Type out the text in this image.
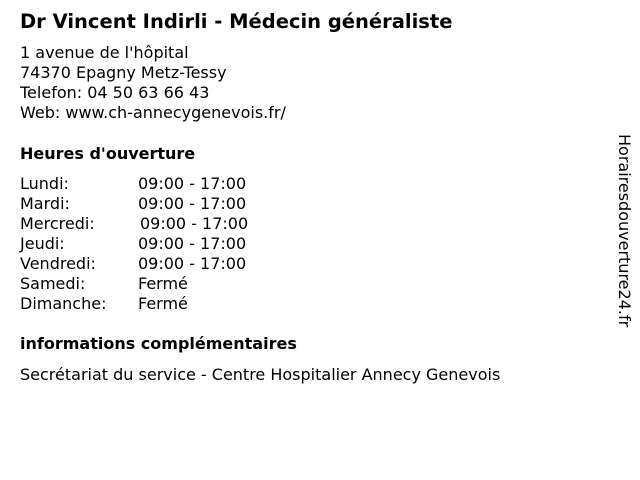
Dr Vincent Indirli - Médecin généraliste
1 avenue de l'hôpital
74370 Epagny Metz-Tessy
Telefon: 04 50 63 66 43
Web: www.ch-annecygenevois.fr/
Heures d'ouverture
Lundi:	09:00 - 17:00
Mardi:	09:00 - 17:00
Mercredi:	09:00 - 17:00
Jeudi:	09:00 - 17:00
Vendredi:	09:00 - 17:00
Samedi:	Fermé
Dimanche: Fermé
informations complémentaires
Secrétariat du service - Centre Hospitalier Annecy Genevois
Horairesdouverture24.fr
